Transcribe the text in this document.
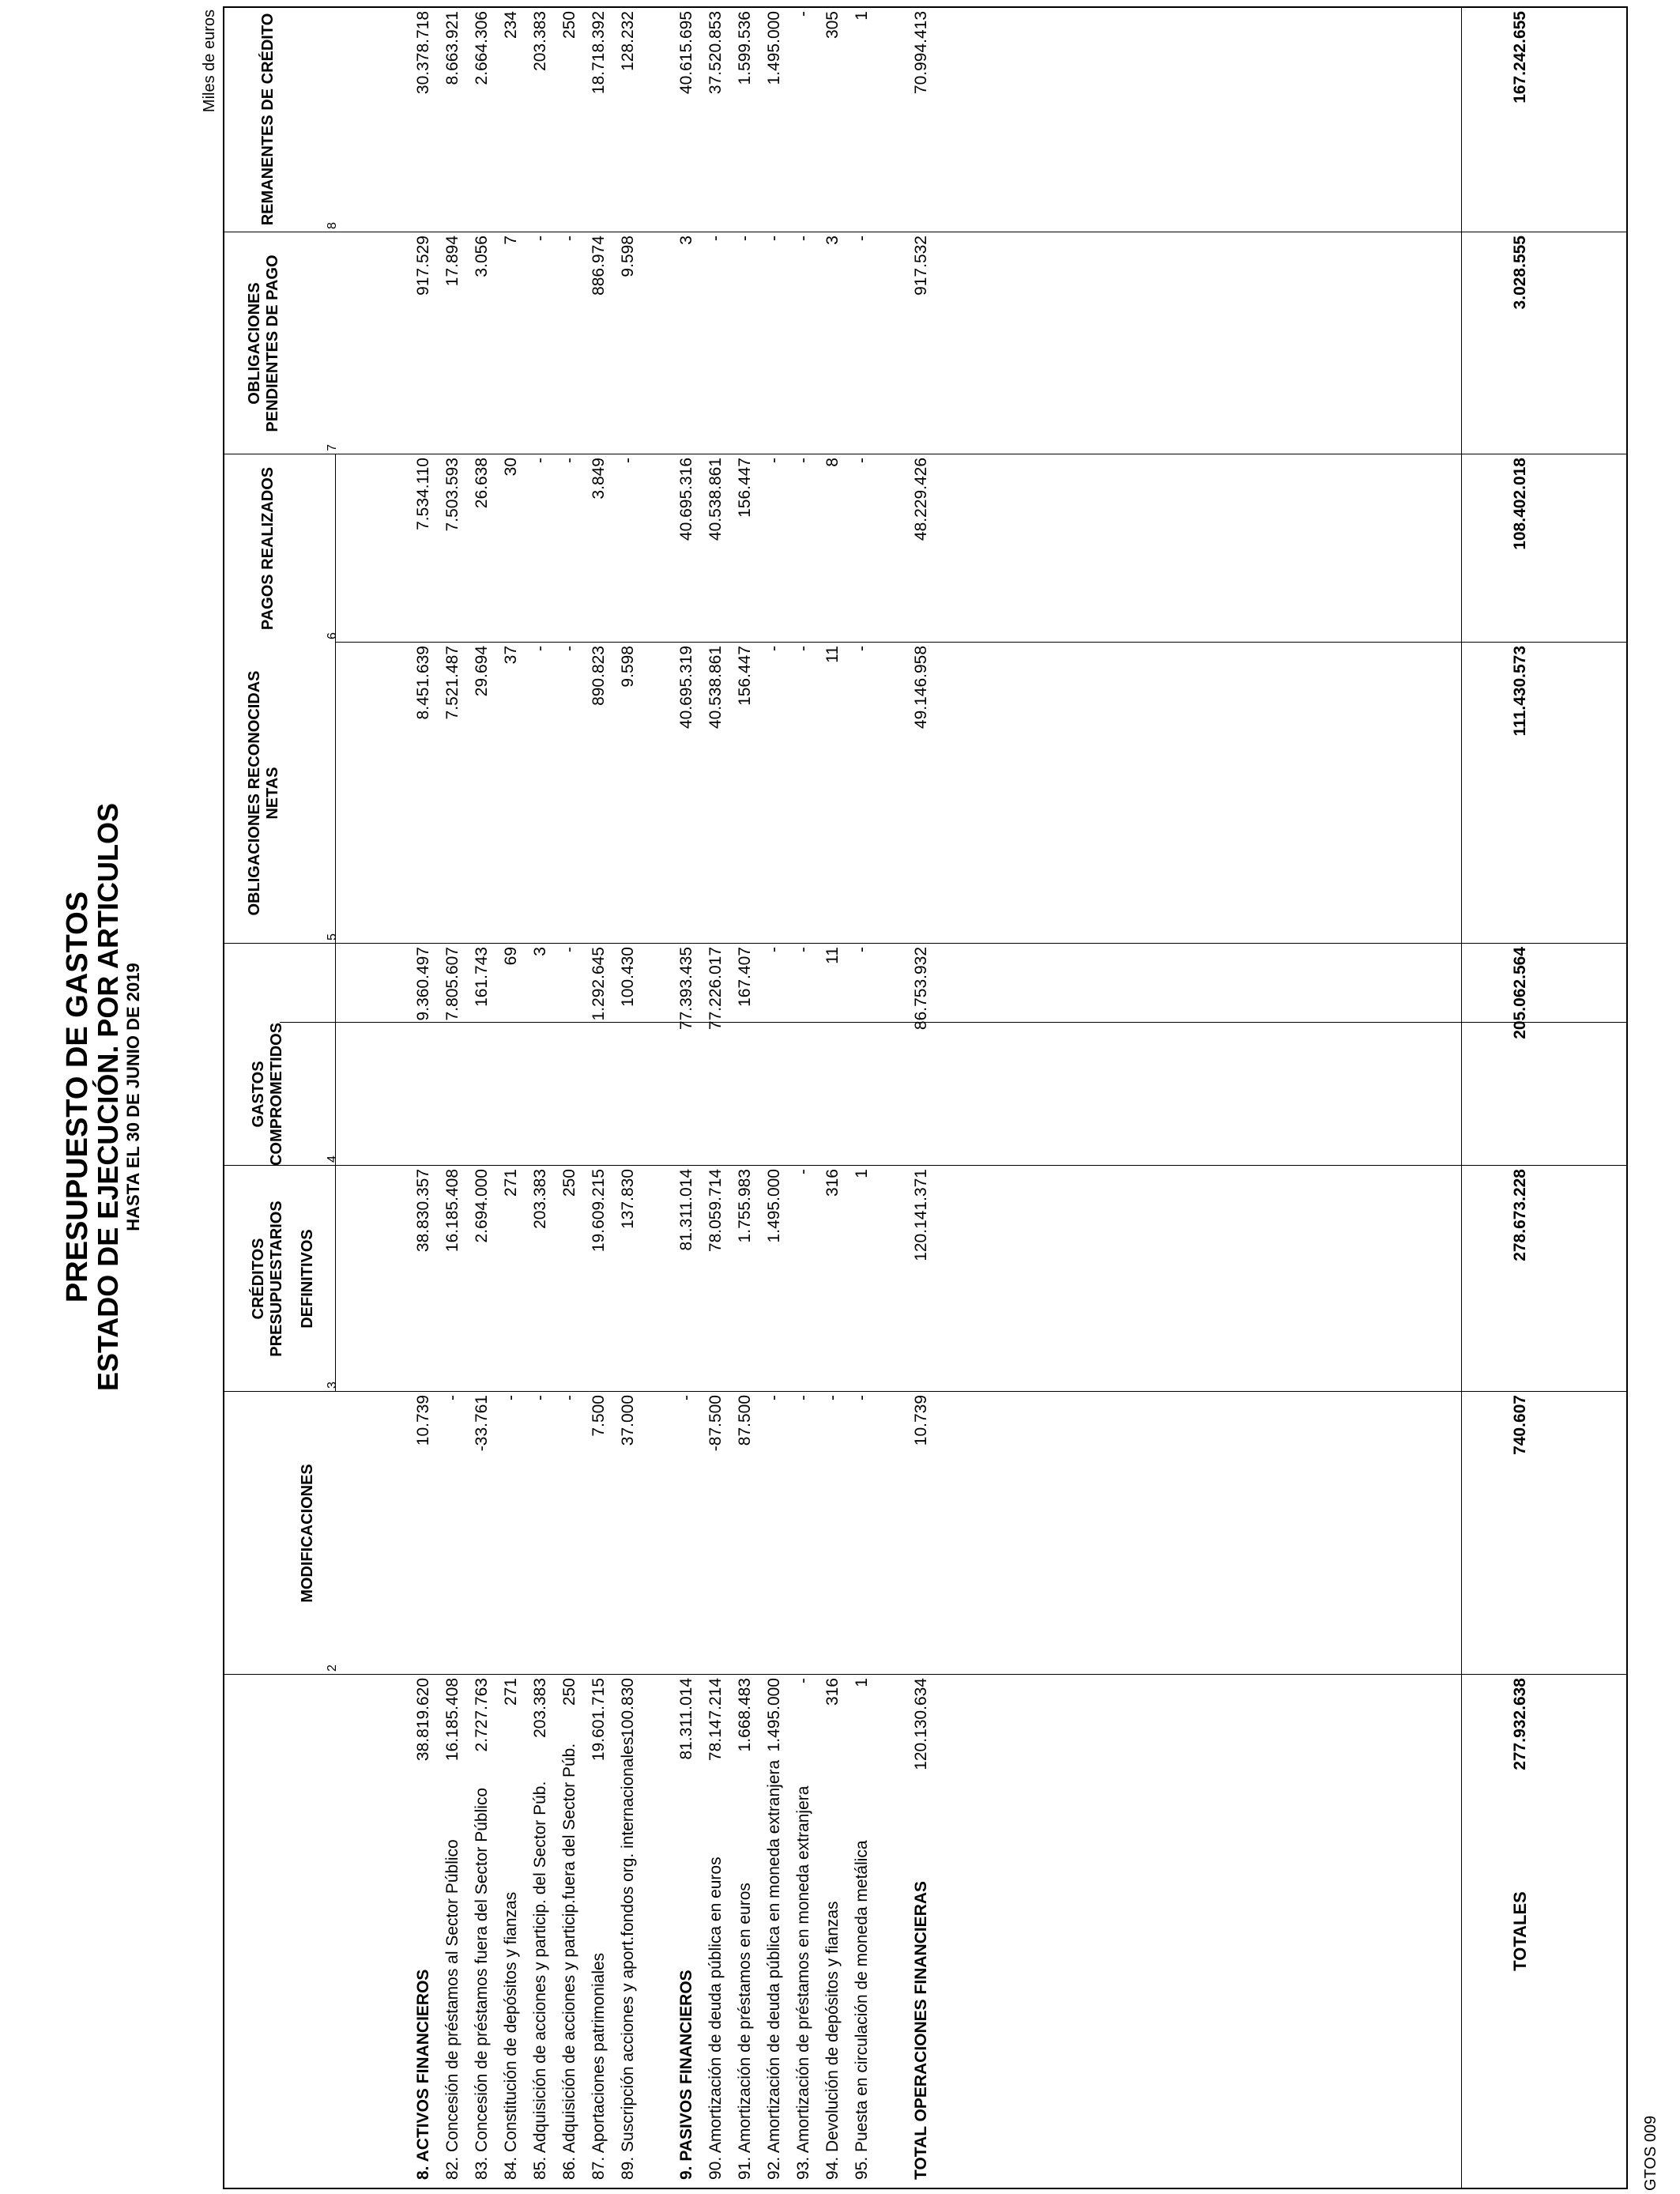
PRESUPUESTO DE GASTOS
ESTADO DE EJECUCIÓN. POR ARTICULOS HASTA EL 30 DE JUNIO DE 2019
Miles de euros	REMANENTES DE CRÉDITO
OBLIGACIONES PENDIENTES DE PAGO
PAGOS REALIZADOS
OBLIGACIONES RECONOCIDAS NETAS
GASTOS COMPROMETIDOS
CRÉDITOS PRESUPUESTARIOS DEFINITIVOS
MODIFICACIONES
8
7
6
5
4
3
2
8. ACTIVOS FINANCIEROS 82. Concesión de préstamos al Sector Público 83. Concesión de préstamos fuera del Sector Público 84. Constitución de depósitos y fianzas 85. Adquisición de acciones y particip. del Sector Púb. 86. Adquisición de acciones y particip.fuera del Sector Púb. 87. Aportaciones patrimoniales 89. Suscripción acciones y aport.fondos org. internacionales 9. PASIVOS FINANCIEROS 90. Amortización de deuda pública en euros 91. Amortización de préstamos en euros 92. Amortización de deuda pública en moneda extranjera 93. Amortización de préstamos en moneda extranjera 94. Devolución de depósitos y fianzas 95. Puesta en circulación de moneda metálica TOTAL OPERACIONES FINANCIERAS	TOTALES
38.819.620
10.739
38.830.357
9.360.497
8.451.639
7.534.110
917.529
30.378.718
16.185.408
-
16.185.408
7.805.607
7.521.487
7.503.593
17.894
8.663.921
2.727.763
-33.761
2.694.000
161.743
29.694
26.638
3.056
2.664.306
271
-
271
69
37
30
7
234
203.383
-
203.383
3
-
-
-
203.383
250
-
250
-
-
-
-
250
19.601.715
7.500
19.609.215
1.292.645
890.823
3.849
886.974
18.718.392
100.830
37.000
137.830
100.430
9.598
-
9.598
128.232
81.311.014
-
81.311.014
77.393.435
40.695.319
40.695.316
3
40.615.695
78.147.214
-87.500
78.059.714
77.226.017
40.538.861
40.538.861
-
37.520.853
1.668.483
87.500
1.755.983
167.407
156.447
156.447
-
1.599.536
1.495.000
-
1.495.000
-
-
-
-
1.495.000
-
-
-
-
-
-
-
-
316
-
316
11
11
8
3
305
1
-
1
-
-
-
-
1
120.130.634
10.739
120.141.371
86.753.932
49.146.958
48.229.426
917.532
70.994.413
277.932.638
740.607
278.673.228
205.062.564
111.430.573
108.402.018
3.028.555
167.242.655
GTOS 009
